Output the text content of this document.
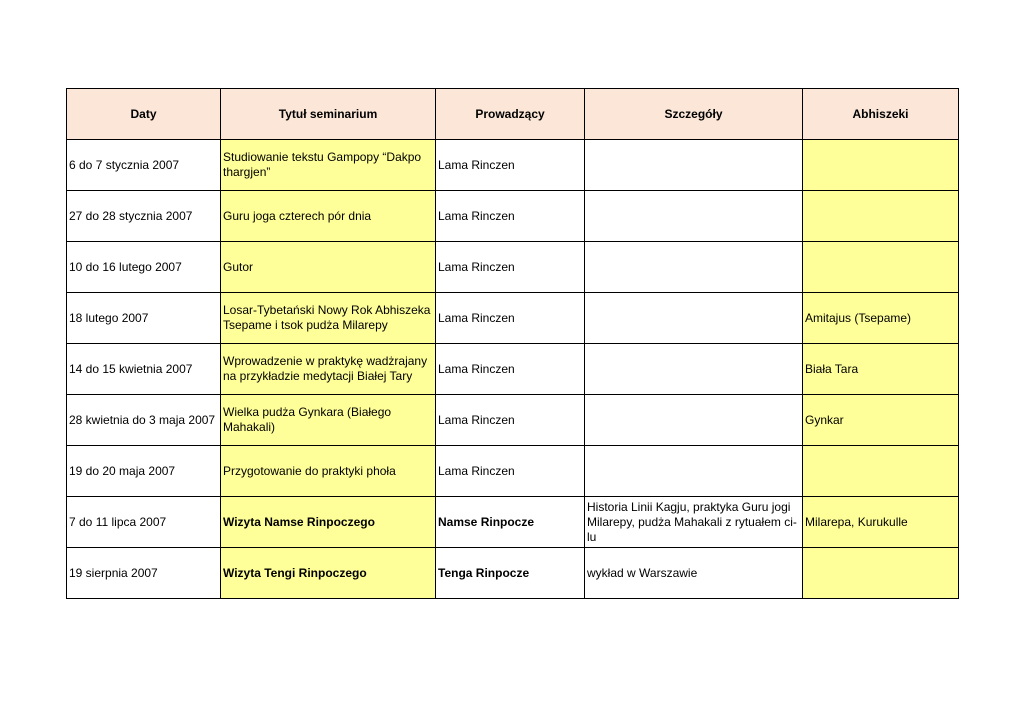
Daty	Tytuł seminarium	Prowadzący	Szczegóły	Abhiszeki
6 do 7 stycznia 2007	Studiowanie tekstu Gampopy “Dakpo thargjen”	Lama Rinczen		
27 do 28 stycznia 2007	Guru joga czterech pór dnia	Lama Rinczen		
10 do 16 lutego 2007	Gutor	Lama Rinczen		
18 lutego 2007	Losar-Tybetański Nowy Rok Abhiszeka Tsepame i tsok pudża Milarepy	Lama Rinczen		Amitajus (Tsepame)
14 do 15 kwietnia 2007	Wprowadzenie w praktykę wadżrajany na przykładzie medytacji Białej Tary	Lama Rinczen		Biała Tara
28 kwietnia do 3 maja 2007	Wielka pudża Gynkara (Białego Mahakali)	Lama Rinczen		Gynkar
19 do 20 maja 2007	Przygotowanie do praktyki phoła	Lama Rinczen		
7 do 11 lipca 2007	Wizyta Namse Rinpoczego	Namse Rinpocze	Historia Linii Kagju, praktyka Guru jogi Milarepy, pudża Mahakali z rytuałem ci-lu	Milarepa, Kurukulle
19 sierpnia 2007	Wizyta Tengi Rinpoczego	Tenga Rinpocze	wykład w Warszawie	
